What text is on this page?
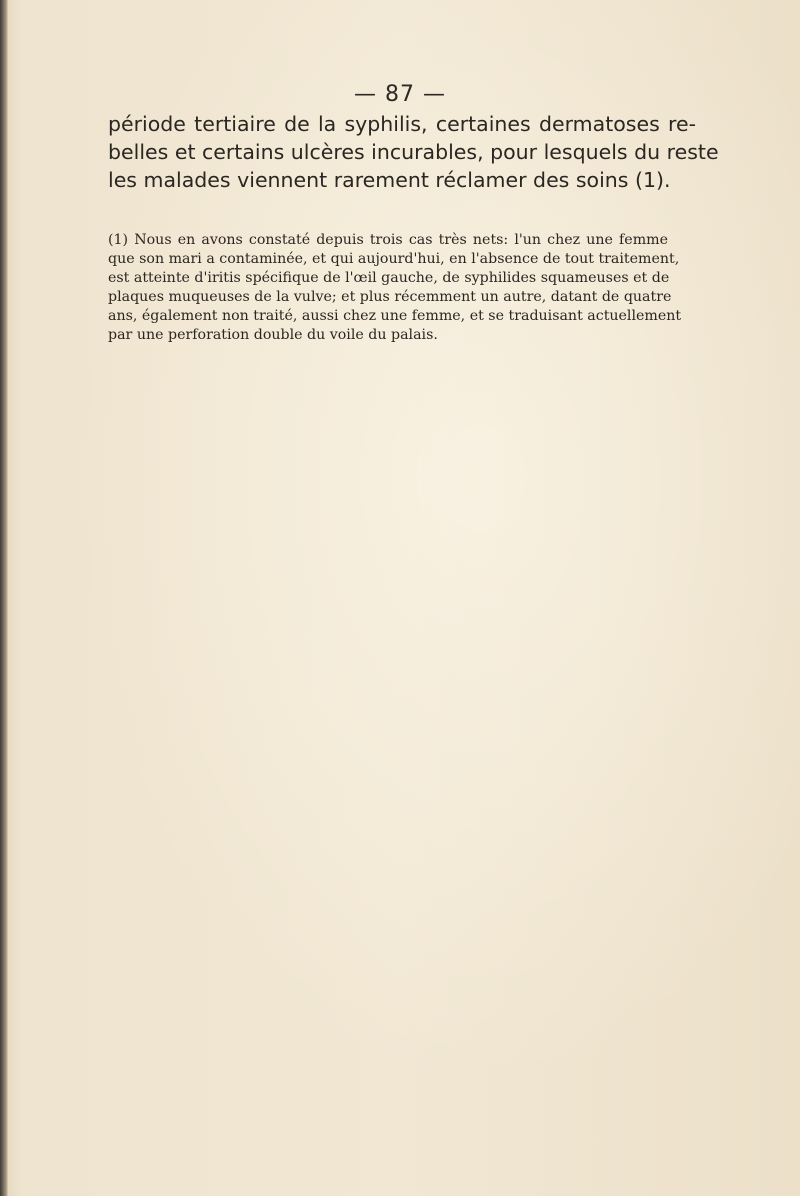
— 87 —
période tertiaire de la syphilis, certaines dermatoses re-
belles et certains ulcères incurables, pour lesquels du reste
les malades viennent rarement réclamer des soins (1).
(1) Nous en avons constaté depuis trois cas très nets: l'un chez une femme
que son mari a contaminée, et qui aujourd'hui, en l'absence de tout traitement,
est atteinte d'iritis spécifique de l'œil gauche, de syphilides squameuses et de
plaques muqueuses de la vulve; et plus récemment un autre, datant de quatre
ans, également non traité, aussi chez une femme, et se traduisant actuellement
par une perforation double du voile du palais.
